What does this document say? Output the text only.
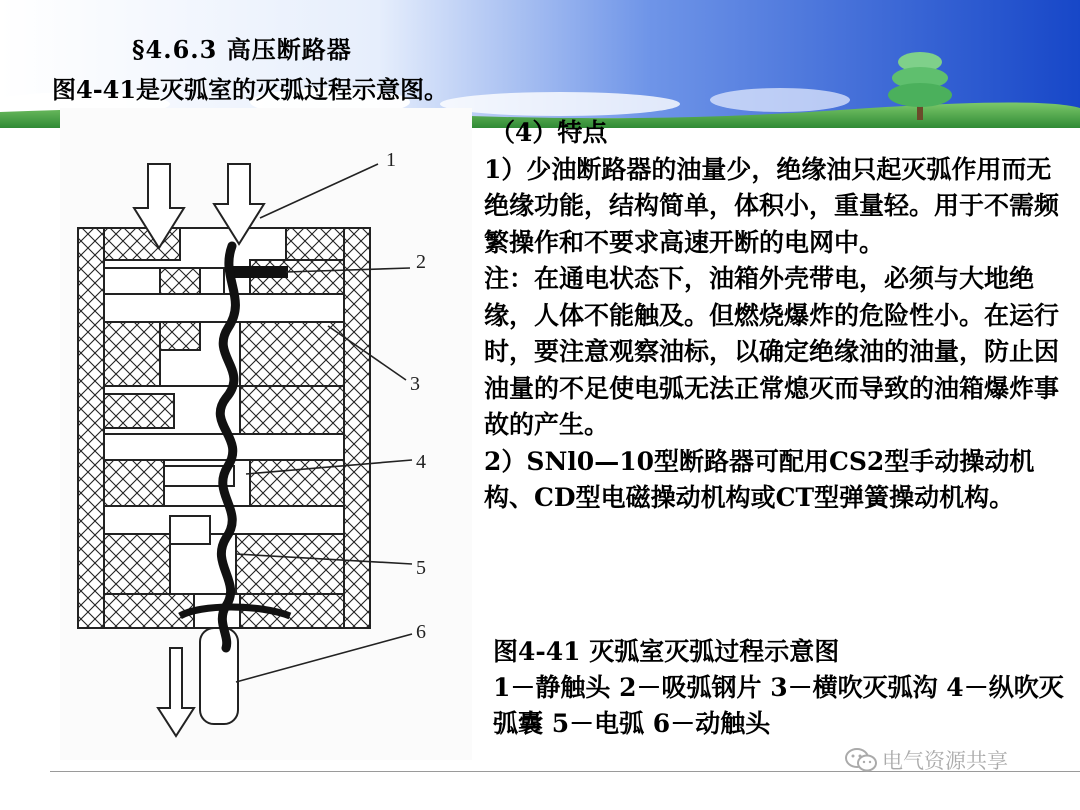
§4.6.3 高压断路器

图4-41是灭弧室的灭弧过程示意图。

1
2
3
4
5
6

（4）特点

1）少油断路器的油量少，绝缘油只起灭弧作用而无绝缘功能，结构简单，体积小，重量轻。用于不需频繁操作和不要求高速开断的电网中。

注：在通电状态下，油箱外壳带电，必须与大地绝缘，人体不能触及。但燃烧爆炸的危险性小。在运行时，要注意观察油标，以确定绝缘油的油量，防止因油量的不足使电弧无法正常熄灭而导致的油箱爆炸事故的产生。

2）SNl0—10型断路器可配用CS2型手动操动机构、CD型电磁操动机构或CT型弹簧操动机构。

图4-41 灭弧室灭弧过程示意图

1－静触头 2－吸弧钢片 3－横吹灭弧沟 4－纵吹灭弧囊 5－电弧 6－动触头

电气资源共享
